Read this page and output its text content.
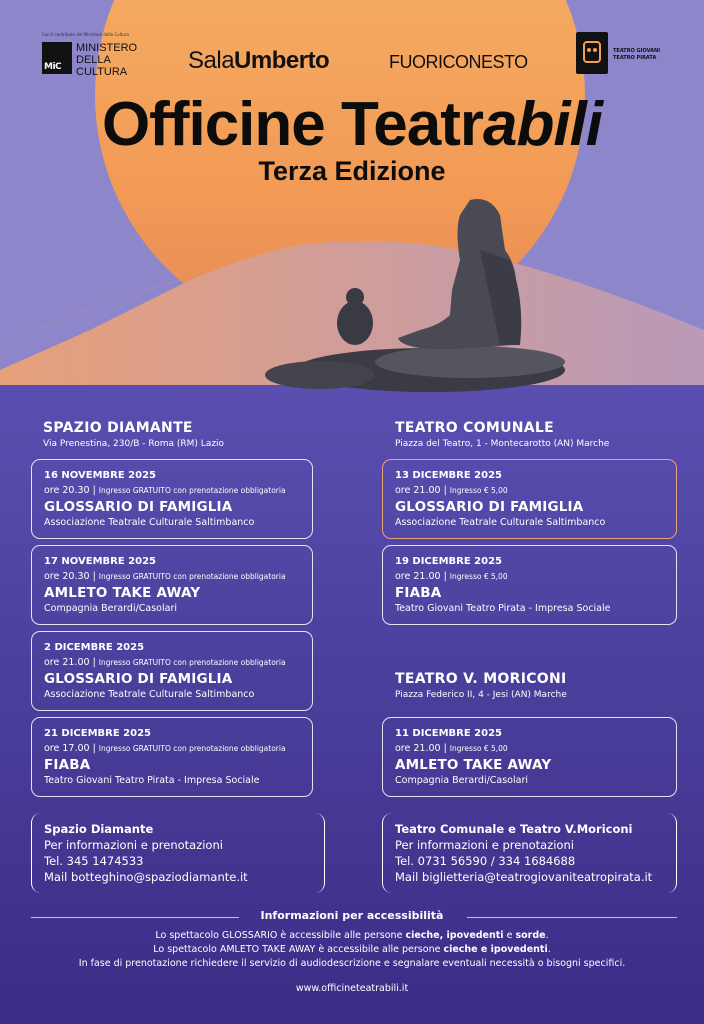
Con il contributo del Ministero della Cultura
MiC
MINISTERO
DELLA
CULTURA	SalaUmberto	FUORICONESTO
TEATRO GIOVANI
TEATRO PIRATA
Officine Teatrabili
Terza Edizione
SPAZIO DIAMANTE
Via Prenestina, 230/B - Roma (RM) Lazio
TEATRO COMUNALE
Piazza del Teatro, 1 - Montecarotto (AN) Marche
TEATRO V. MORICONI
Piazza Federico II, 4 - Jesi (AN) Marche
16 NOVEMBRE 2025
ore 20.30 | Ingresso GRATUITO con prenotazione obbligatoria
GLOSSARIO DI FAMIGLIA
Associazione Teatrale Culturale Saltimbanco
17 NOVEMBRE 2025
ore 20.30 | Ingresso GRATUITO con prenotazione obbligatoria
AMLETO TAKE AWAY
Compagnia Berardi/Casolari
2 DICEMBRE 2025
ore 21.00 | Ingresso GRATUITO con prenotazione obbligatoria
GLOSSARIO DI FAMIGLIA
Associazione Teatrale Culturale Saltimbanco
21 DICEMBRE 2025
ore 17.00 | Ingresso GRATUITO con prenotazione obbligatoria
FIABA
Teatro Giovani Teatro Pirata - Impresa Sociale
13 DICEMBRE 2025
ore 21.00 | Ingresso € 5,00
GLOSSARIO DI FAMIGLIA
Associazione Teatrale Culturale Saltimbanco
19 DICEMBRE 2025
ore 21.00 | Ingresso € 5,00
FIABA
Teatro Giovani Teatro Pirata - Impresa Sociale
11 DICEMBRE 2025
ore 21.00 | Ingresso € 5,00
AMLETO TAKE AWAY
Compagnia Berardi/Casolari
Spazio Diamante
Per informazioni e prenotazioni
Tel. 345 1474533
Mail botteghino@spaziodiamante.it
Teatro Comunale e Teatro V.Moriconi
Per informazioni e prenotazioni
Tel. 0731 56590 / 334 1684688
Mail biglietteria@teatrogiovaniteatropirata.it
Informazioni per accessibilità
Lo spettacolo GLOSSARIO è accessibile alle persone cieche, ipovedenti e sorde.
Lo spettacolo AMLETO TAKE AWAY è accessibile alle persone cieche e ipovedenti.
In fase di prenotazione richiedere il servizio di audiodescrizione e segnalare eventuali necessità o bisogni specifici.
www.officineteatrabili.it
